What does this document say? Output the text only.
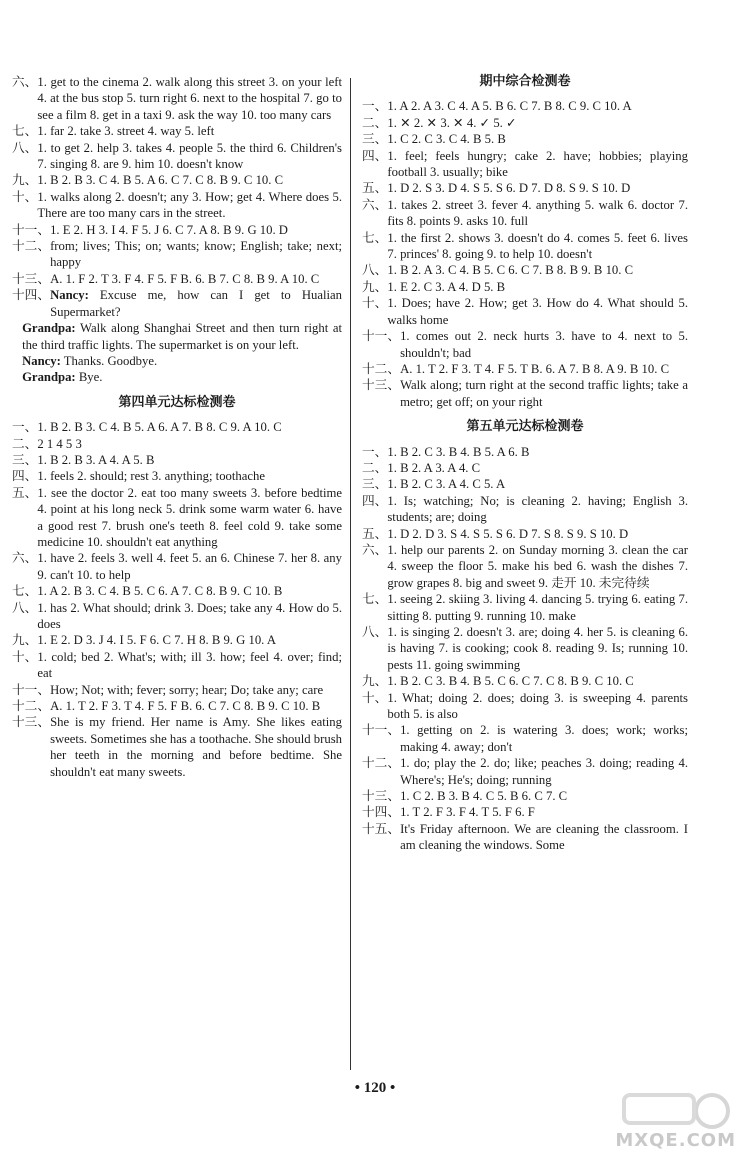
六、 1. get to the cinema 2. walk along this street 3. on your left 4. at the bus stop 5. turn right 6. next to the hospital 7. go to see a film 8. get in a taxi 9. ask the way 10. too many cars
七、 1. far 2. take 3. street 4. way 5. left
八、 1. to get 2. help 3. takes 4. people 5. the third 6. Children's 7. singing 8. are 9. him 10. doesn't know
九、 1. B 2. B 3. C 4. B 5. A 6. C 7. C 8. B 9. C 10. C
十、 1. walks along 2. doesn't; any 3. How; get 4. Where does 5. There are too many cars in the street.
十一、 1. E 2. H 3. I 4. F 5. J 6. C 7. A 8. B 9. G 10. D
十二、 from; lives; This; on; wants; know; English; take; next; happy
十三、 A. 1. F 2. T 3. F 4. F 5. F B. 6. B 7. C 8. B 9. A 10. C
十四、 Nancy: Excuse me, how can I get to Hualian Supermarket?
Grandpa: Walk along Shanghai Street and then turn right at the third traffic lights. The supermarket is on your left.
Nancy: Thanks. Goodbye.
Grandpa: Bye.
第四单元达标检测卷
一、 1. B 2. B 3. C 4. B 5. A 6. A 7. B 8. C 9. A 10. C
二、 2 1 4 5 3
三、 1. B 2. B 3. A 4. A 5. B
四、 1. feels 2. should; rest 3. anything; toothache
五、 1. see the doctor 2. eat too many sweets 3. before bedtime 4. point at his long neck 5. drink some warm water 6. have a good rest 7. brush one's teeth 8. feel cold 9. take some medicine 10. shouldn't eat anything
六、 1. have 2. feels 3. well 4. feet 5. an 6. Chinese 7. her 8. any 9. can't 10. to help
七、 1. A 2. B 3. C 4. B 5. C 6. A 7. C 8. B 9. C 10. B
八、 1. has 2. What should; drink 3. Does; take any 4. How do 5. does
九、 1. E 2. D 3. J 4. I 5. F 6. C 7. H 8. B 9. G 10. A
十、 1. cold; bed 2. What's; with; ill 3. how; feel 4. over; find; eat
十一、 How; Not; with; fever; sorry; hear; Do; take any; care
十二、 A. 1. T 2. F 3. T 4. F 5. F B. 6. C 7. C 8. B 9. C 10. B
十三、 She is my friend. Her name is Amy. She likes eating sweets. Sometimes she has a toothache. She should brush her teeth in the morning and before bedtime. She shouldn't eat many sweets.
期中综合检测卷
一、 1. A 2. A 3. C 4. A 5. B 6. C 7. B 8. C 9. C 10. A
二、 1. ✕ 2. ✕ 3. ✕ 4. ✓ 5. ✓
三、 1. C 2. C 3. C 4. B 5. B
四、 1. feel; feels hungry; cake 2. have; hobbies; playing football 3. usually; bike
五、 1. D 2. S 3. D 4. S 5. S 6. D 7. D 8. S 9. S 10. D
六、 1. takes 2. street 3. fever 4. anything 5. walk 6. doctor 7. fits 8. points 9. asks 10. full
七、 1. the first 2. shows 3. doesn't do 4. comes 5. feet 6. lives 7. princes' 8. going 9. to help 10. doesn't
八、 1. B 2. A 3. C 4. B 5. C 6. C 7. B 8. B 9. B 10. C
九、 1. E 2. C 3. A 4. D 5. B
十、 1. Does; have 2. How; get 3. How do 4. What should 5. walks home
十一、 1. comes out 2. neck hurts 3. have to 4. next to 5. shouldn't; bad
十二、 A. 1. T 2. F 3. T 4. F 5. T B. 6. A 7. B 8. A 9. B 10. C
十三、 Walk along; turn right at the second traffic lights; take a metro; get off; on your right
第五单元达标检测卷
一、 1. B 2. C 3. B 4. B 5. A 6. B
二、 1. B 2. A 3. A 4. C
三、 1. B 2. C 3. A 4. C 5. A
四、 1. Is; watching; No; is cleaning 2. having; English 3. students; are; doing
五、 1. D 2. D 3. S 4. S 5. S 6. D 7. S 8. S 9. S 10. D
六、 1. help our parents 2. on Sunday morning 3. clean the car 4. sweep the floor 5. make his bed 6. wash the dishes 7. grow grapes 8. big and sweet 9. 走开 10. 未完待续
七、 1. seeing 2. skiing 3. living 4. dancing 5. trying 6. eating 7. sitting 8. putting 9. running 10. make
八、 1. is singing 2. doesn't 3. are; doing 4. her 5. is cleaning 6. is having 7. is cooking; cook 8. reading 9. Is; running 10. pests 11. going swimming
九、 1. B 2. C 3. B 4. B 5. C 6. C 7. C 8. B 9. C 10. C
十、 1. What; doing 2. does; doing 3. is sweeping 4. parents both 5. is also
十一、 1. getting on 2. is watering 3. does; work; works; making 4. away; don't
十二、 1. do; play the 2. do; like; peaches 3. doing; reading 4. Where's; He's; doing; running
十三、 1. C 2. B 3. B 4. C 5. B 6. C 7. C
十四、 1. T 2. F 3. F 4. T 5. F 6. F
十五、 It's Friday afternoon. We are cleaning the classroom. I am cleaning the windows. Some
• 120 •
MXQE.COM
